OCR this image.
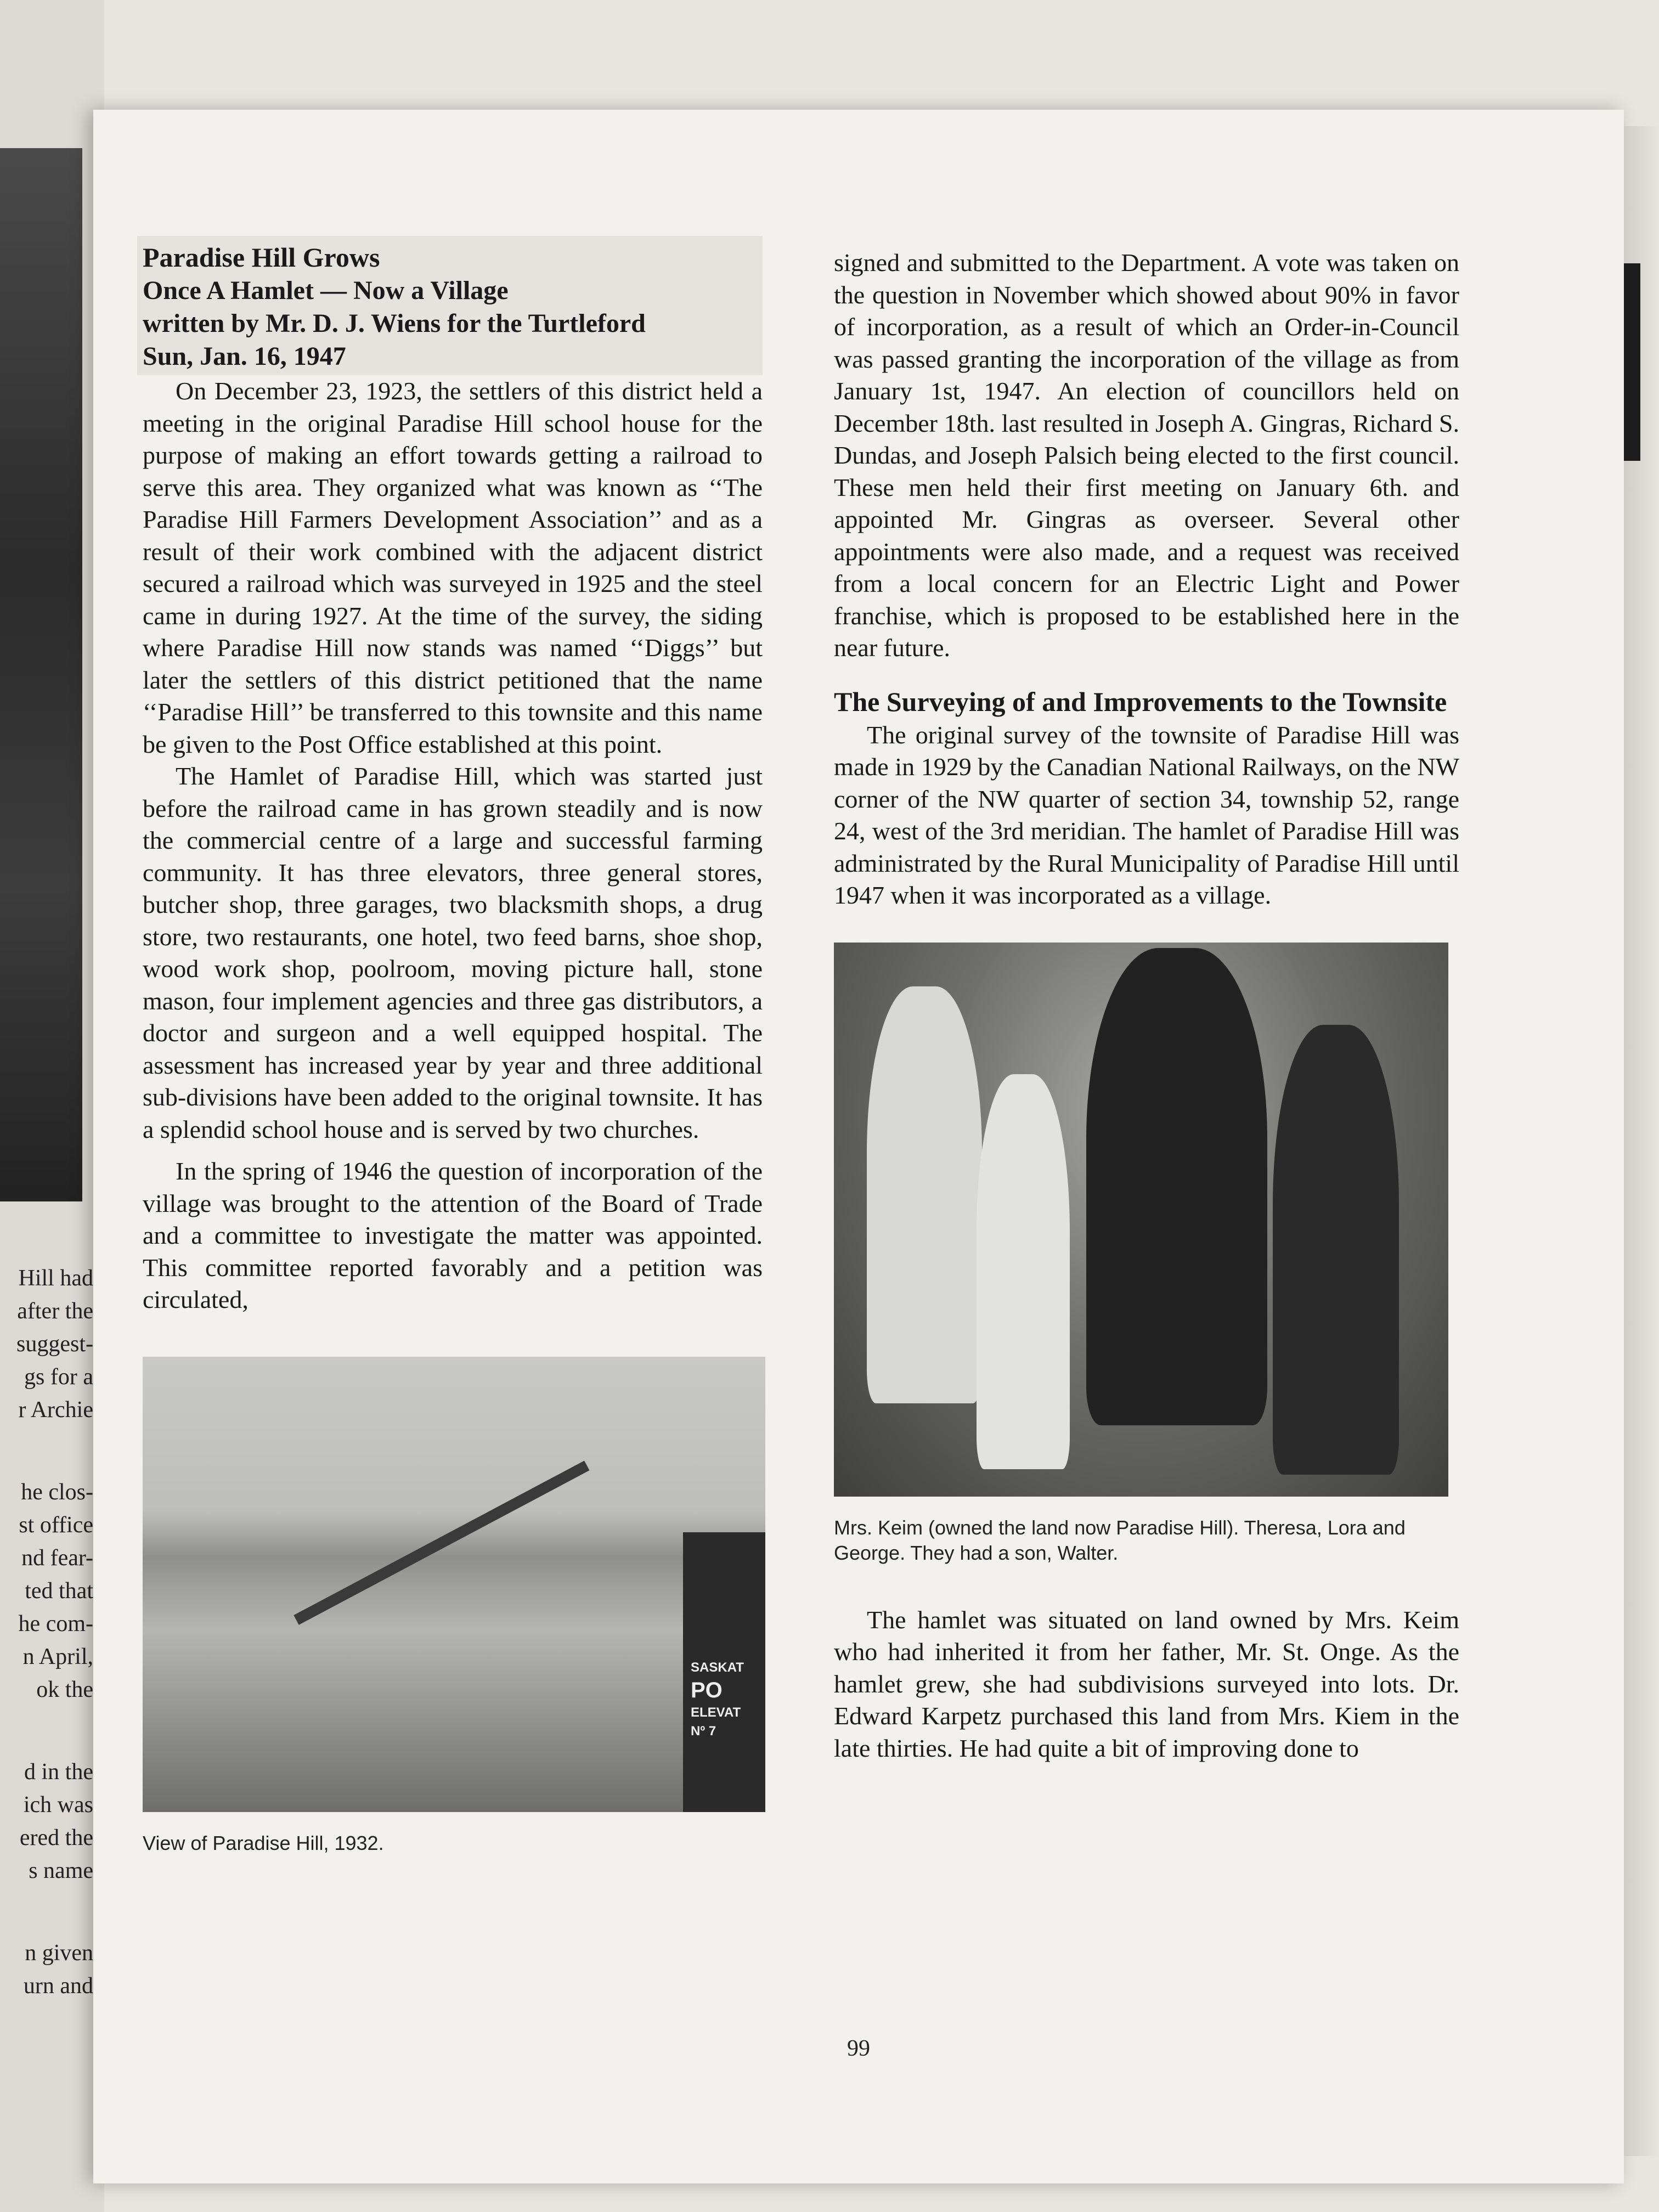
Hill had
after the
suggest-
gs for a
r Archie
he clos-
st office
nd fear-
ted that
he com-
n April,
ok the
d in the
ich was
ered the
s name
n given
urn and
Paradise Hill Grows
Once A Hamlet — Now a Village
written by Mr. D. J. Wiens for the Turtleford
Sun, Jan. 16, 1947

On December 23, 1923, the settlers of this district held a meeting in the original Paradise Hill school house for the purpose of making an effort towards getting a railroad to serve this area. They organized what was known as ‘‘The Paradise Hill Farmers Development Association’’ and as a result of their work combined with the adjacent district secured a railroad which was surveyed in 1925 and the steel came in during 1927. At the time of the survey, the siding where Paradise Hill now stands was named ‘‘Diggs’’ but later the settlers of this district petitioned that the name ‘‘Paradise Hill’’ be transferred to this townsite and this name be given to the Post Office established at this point.

The Hamlet of Paradise Hill, which was started just before the railroad came in has grown steadily and is now the commercial centre of a large and successful farming community. It has three elevators, three general stores, butcher shop, three garages, two blacksmith shops, a drug store, two restaurants, one hotel, two feed barns, shoe shop, wood work shop, poolroom, moving picture hall, stone mason, four implement agencies and three gas distributors, a doctor and surgeon and a well equipped hospital. The assessment has increased year by year and three additional sub-divisions have been added to the original townsite. It has a splendid school house and is served by two churches.

In the spring of 1946 the question of incorporation of the village was brought to the attention of the Board of Trade and a committee to investigate the matter was appointed. This committee reported favorably and a petition was circulated,

SASKAT
PO
ELEVAT
Nº 7
View of Paradise Hill, 1932.

signed and submitted to the Department. A vote was taken on the question in November which showed about 90% in favor of incorporation, as a result of which an Order-in-Council was passed granting the incorporation of the village as from January 1st, 1947. An election of councillors held on December 18th. last resulted in Joseph A. Gingras, Richard S. Dundas, and Joseph Palsich being elected to the first council. These men held their first meeting on January 6th. and appointed Mr. Gingras as overseer. Several other appointments were also made, and a request was received from a local concern for an Electric Light and Power franchise, which is proposed to be established here in the near future.

The Surveying of and Improvements to the Townsite

The original survey of the townsite of Paradise Hill was made in 1929 by the Canadian National Railways, on the NW corner of the NW quarter of section 34, township 52, range 24, west of the 3rd meridian. The hamlet of Paradise Hill was administrated by the Rural Municipality of Paradise Hill until 1947 when it was incorporated as a village.

Mrs. Keim (owned the land now Paradise Hill). Theresa, Lora and George. They had a son, Walter.

The hamlet was situated on land owned by Mrs. Keim who had inherited it from her father, Mr. St. Onge. As the hamlet grew, she had subdivisions surveyed into lots. Dr. Edward Karpetz purchased this land from Mrs. Kiem in the late thirties. He had quite a bit of improving done to

99
